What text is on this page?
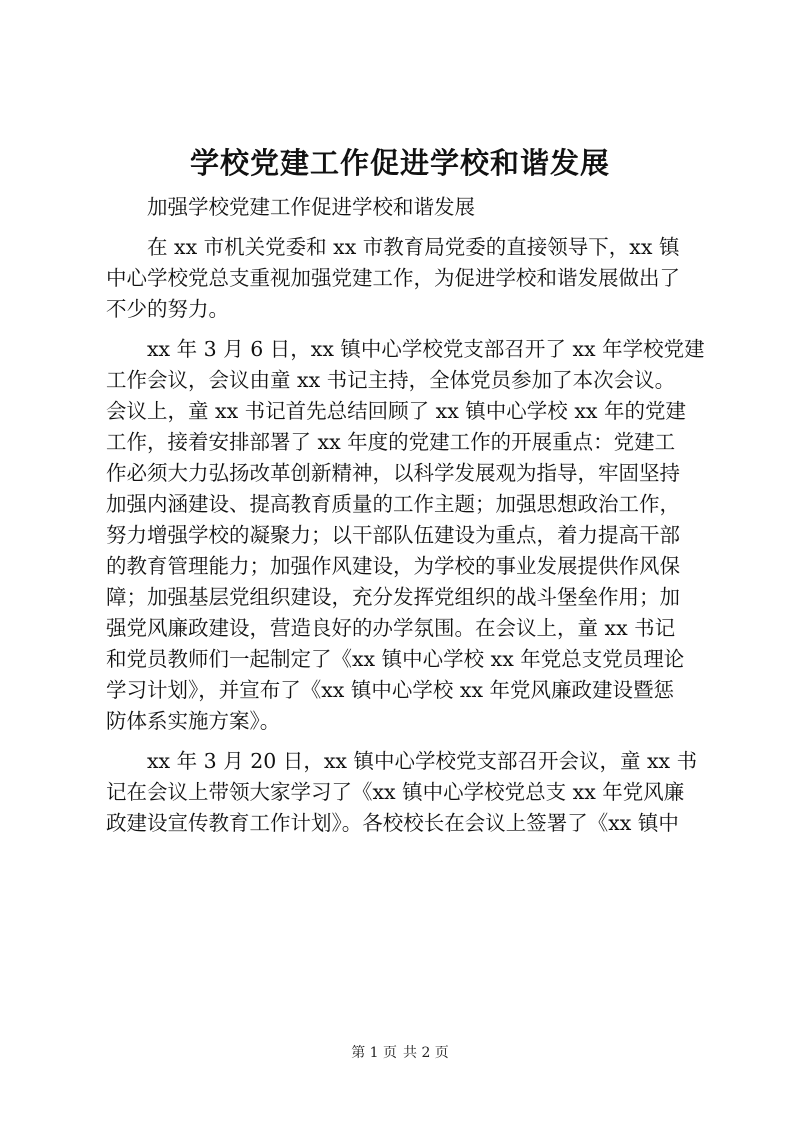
学校党建工作促进学校和谐发展
　　加强学校党建工作促进学校和谐发展
　　在 xx 市机关党委和 xx 市教育局党委的直接领导下，xx 镇
中心学校党总支重视加强党建工作，为促进学校和谐发展做出了
不少的努力。
　　xx 年 3 月 6 日，xx 镇中心学校党支部召开了 xx 年学校党建
工作会议，会议由童 xx 书记主持，全体党员参加了本次会议。
会议上，童 xx 书记首先总结回顾了 xx 镇中心学校 xx 年的党建
工作，接着安排部署了 xx 年度的党建工作的开展重点：党建工
作必须大力弘扬改革创新精神，以科学发展观为指导，牢固坚持
加强内涵建设、提高教育质量的工作主题；加强思想政治工作，
努力增强学校的凝聚力；以干部队伍建设为重点，着力提高干部
的教育管理能力；加强作风建设，为学校的事业发展提供作风保
障；加强基层党组织建设，充分发挥党组织的战斗堡垒作用；加
强党风廉政建设，营造良好的办学氛围。在会议上，童 xx 书记
和党员教师们一起制定了《xx 镇中心学校 xx 年党总支党员理论
学习计划》，并宣布了《xx 镇中心学校 xx 年党风廉政建设暨惩
防体系实施方案》。
　　xx 年 3 月 20 日，xx 镇中心学校党支部召开会议，童 xx 书
记在会议上带领大家学习了《xx 镇中心学校党总支 xx 年党风廉
政建设宣传教育工作计划》。各校校长在会议上签署了《xx 镇中
第 1 页 共 2 页
